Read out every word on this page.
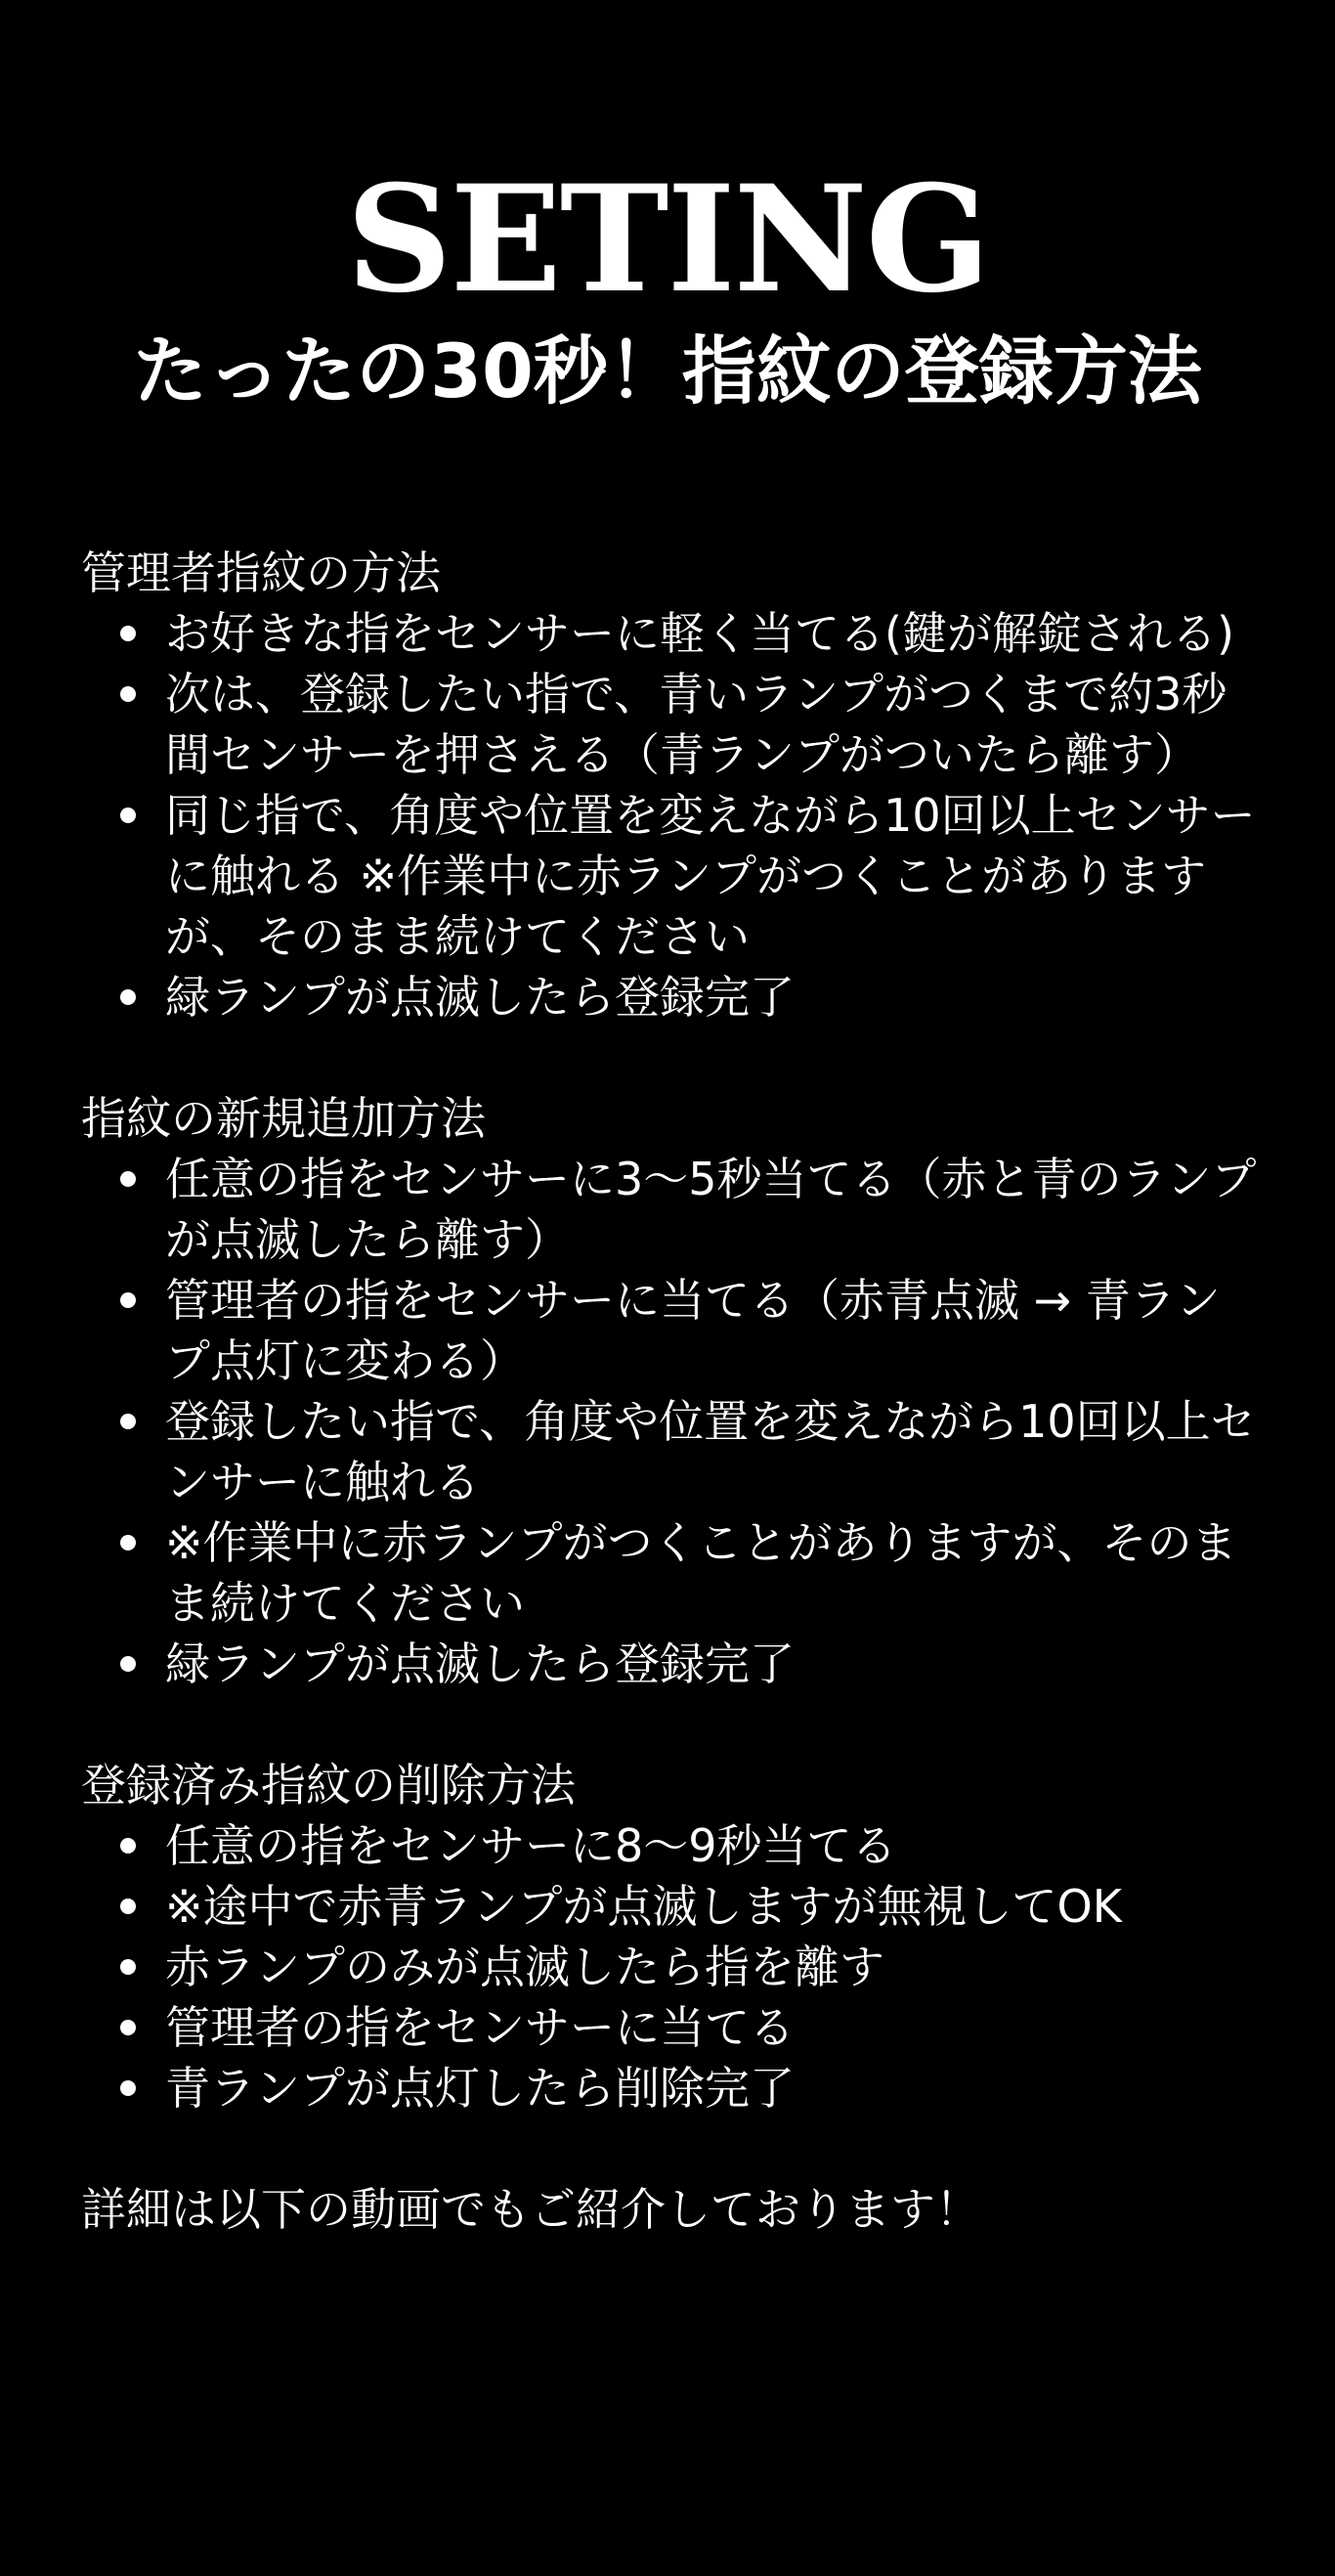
SETING
たったの30秒！指紋の登録方法

管理者指紋の方法

お好きな指をセンサーに軽く当てる(鍵が解錠される)
次は、登録したい指で、青いランプがつくまで約3秒間センサーを押さえる（青ランプがついたら離す）
同じ指で、角度や位置を変えながら10回以上センサーに触れる ※作業中に赤ランプがつくことがありますが、そのまま続けてください
緑ランプが点滅したら登録完了

指紋の新規追加方法

任意の指をセンサーに3〜5秒当てる（赤と青のランプが点滅したら離す）
管理者の指をセンサーに当てる（赤青点滅 → 青ランプ点灯に変わる）
登録したい指で、角度や位置を変えながら10回以上センサーに触れる
※作業中に赤ランプがつくことがありますが、そのまま続けてください
緑ランプが点滅したら登録完了

登録済み指紋の削除方法

任意の指をセンサーに8〜9秒当てる
※途中で赤青ランプが点滅しますが無視してOK
赤ランプのみが点滅したら指を離す
管理者の指をセンサーに当てる
青ランプが点灯したら削除完了

詳細は以下の動画でもご紹介しております！
